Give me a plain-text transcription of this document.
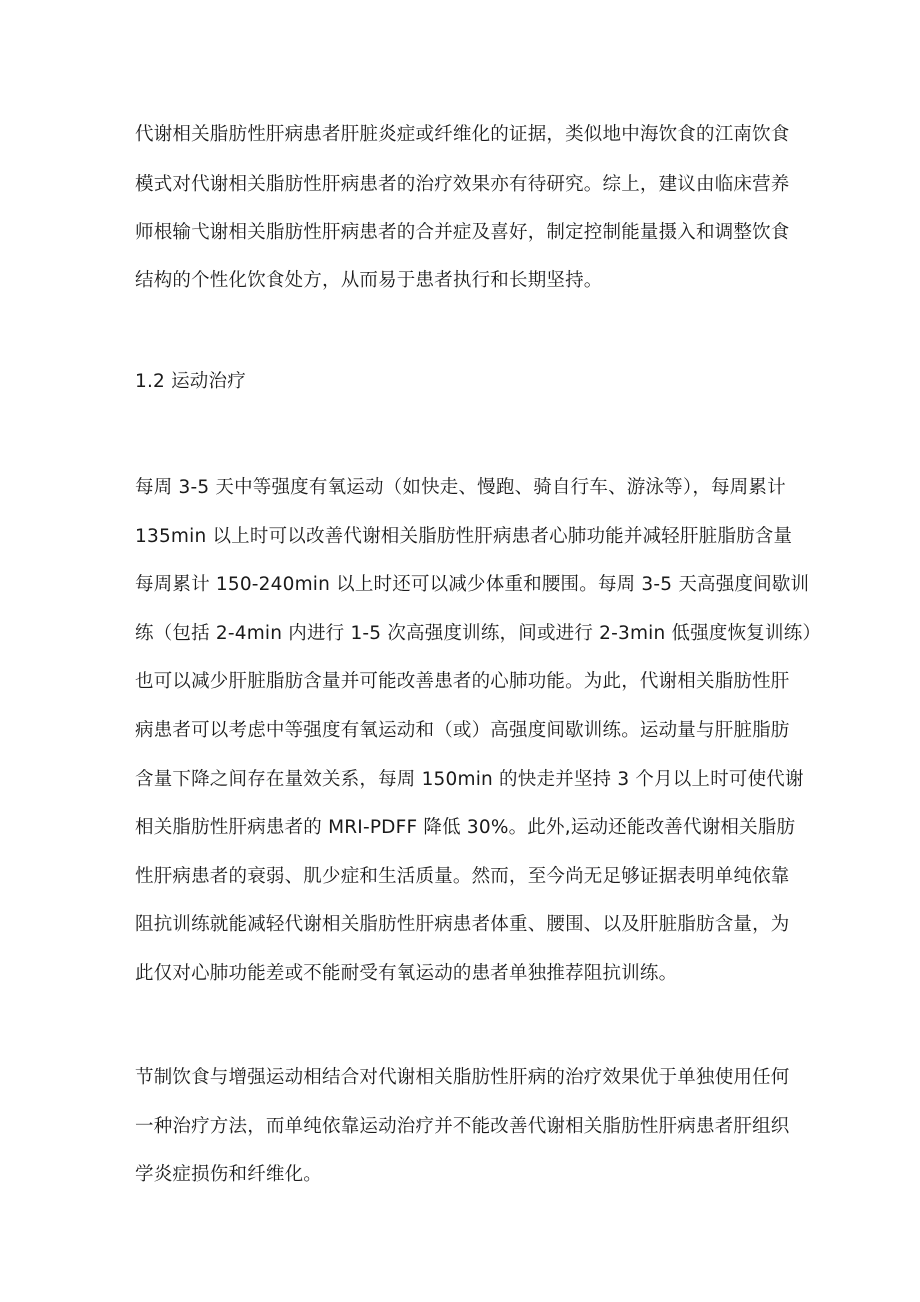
代谢相关脂肪性肝病患者肝脏炎症或纤维化的证据，类似地中海饮食的江南饮食
模式对代谢相关脂肪性肝病患者的治疗效果亦有待研究。综上，建议由临床营养
师根输弋谢相关脂肪性肝病患者的合并症及喜好，制定控制能量摄入和调整饮食
结构的个性化饮食处方，从而易于患者执行和长期坚持。
1.2 运动治疗
每周 3-5 天中等强度有氧运动（如快走、慢跑、骑自行车、游泳等），每周累计
135min 以上时可以改善代谢相关脂肪性肝病患者心肺功能并减轻肝脏脂肪含量
每周累计 150-240min 以上时还可以减少体重和腰围。每周 3-5 天高强度间歇训
练（包括 2-4min 内进行 1-5 次高强度训练，间或进行 2-3min 低强度恢复训练）
也可以减少肝脏脂肪含量并可能改善患者的心肺功能。为此，代谢相关脂肪性肝
病患者可以考虑中等强度有氧运动和（或）高强度间歇训练。运动量与肝脏脂肪
含量下降之间存在量效关系，每周 150min 的快走并坚持 3 个月以上时可使代谢
相关脂肪性肝病患者的 MRI-PDFF 降低 30%。此外,运动还能改善代谢相关脂肪
性肝病患者的衰弱、肌少症和生活质量。然而，至今尚无足够证据表明单纯依靠
阻抗训练就能减轻代谢相关脂肪性肝病患者体重、腰围、以及肝脏脂肪含量，为
此仅对心肺功能差或不能耐受有氧运动的患者单独推荐阻抗训练。
节制饮食与增强运动相结合对代谢相关脂肪性肝病的治疗效果优于单独使用任何
一种治疗方法，而单纯依靠运动治疗并不能改善代谢相关脂肪性肝病患者肝组织
学炎症损伤和纤维化。
